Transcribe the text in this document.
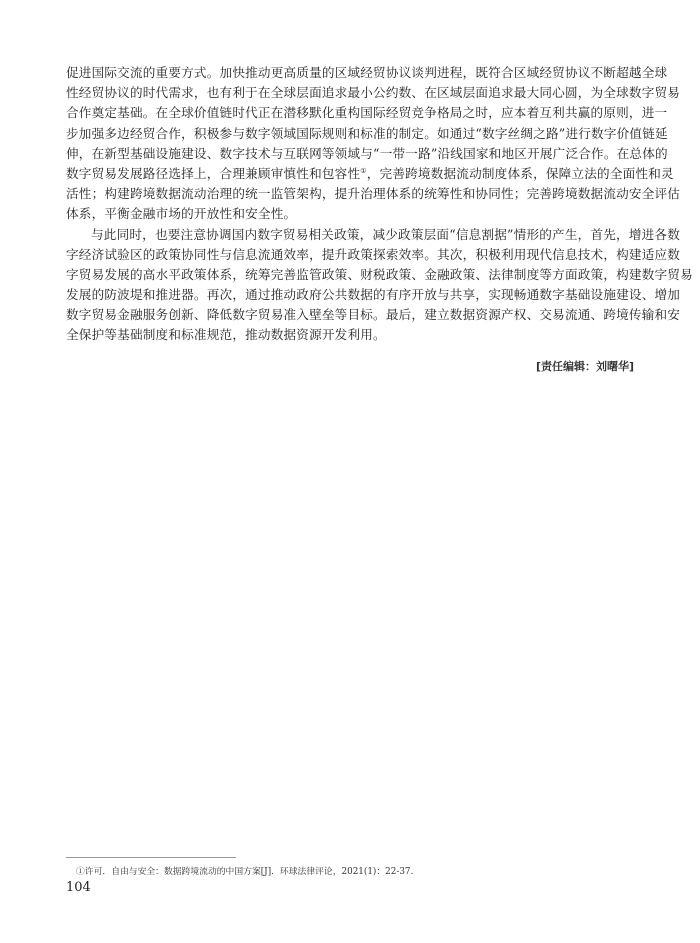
促进国际交流的重要方式。加快推动更高质量的区域经贸协议谈判进程，既符合区域经贸协议不断超越全球
性经贸协议的时代需求，也有利于在全球层面追求最小公约数、在区域层面追求最大同心圆，为全球数字贸易
合作奠定基础。在全球价值链时代正在潜移默化重构国际经贸竞争格局之时，应本着互利共赢的原则，进一
步加强多边经贸合作，积极参与数字领域国际规则和标准的制定。如通过“数字丝绸之路”进行数字价值链延
伸，在新型基础设施建设、数字技术与互联网等领域与“一带一路”沿线国家和地区开展广泛合作。在总体的
数字贸易发展路径选择上，合理兼顾审慎性和包容性①，完善跨境数据流动制度体系，保障立法的全面性和灵
活性；构建跨境数据流动治理的统一监管架构，提升治理体系的统筹性和协同性；完善跨境数据流动安全评估
体系，平衡金融市场的开放性和安全性。
与此同时，也要注意协调国内数字贸易相关政策，减少政策层面“信息割据”情形的产生，首先，增进各数
字经济试验区的政策协同性与信息流通效率，提升政策探索效率。其次，积极利用现代信息技术，构建适应数
字贸易发展的高水平政策体系，统筹完善监管政策、财税政策、金融政策、法律制度等方面政策，构建数字贸易
发展的防波堤和推进器。再次，通过推动政府公共数据的有序开放与共享，实现畅通数字基础设施建设、增加
数字贸易金融服务创新、降低数字贸易准入壁垒等目标。最后，建立数据资源产权、交易流通、跨境传输和安
全保护等基础制度和标准规范，推动数据资源开发利用。
[责任编辑：刘曙华]
①许可．自由与安全：数据跨境流动的中国方案[J]．环球法律评论，2021(1)：22-37.
104
